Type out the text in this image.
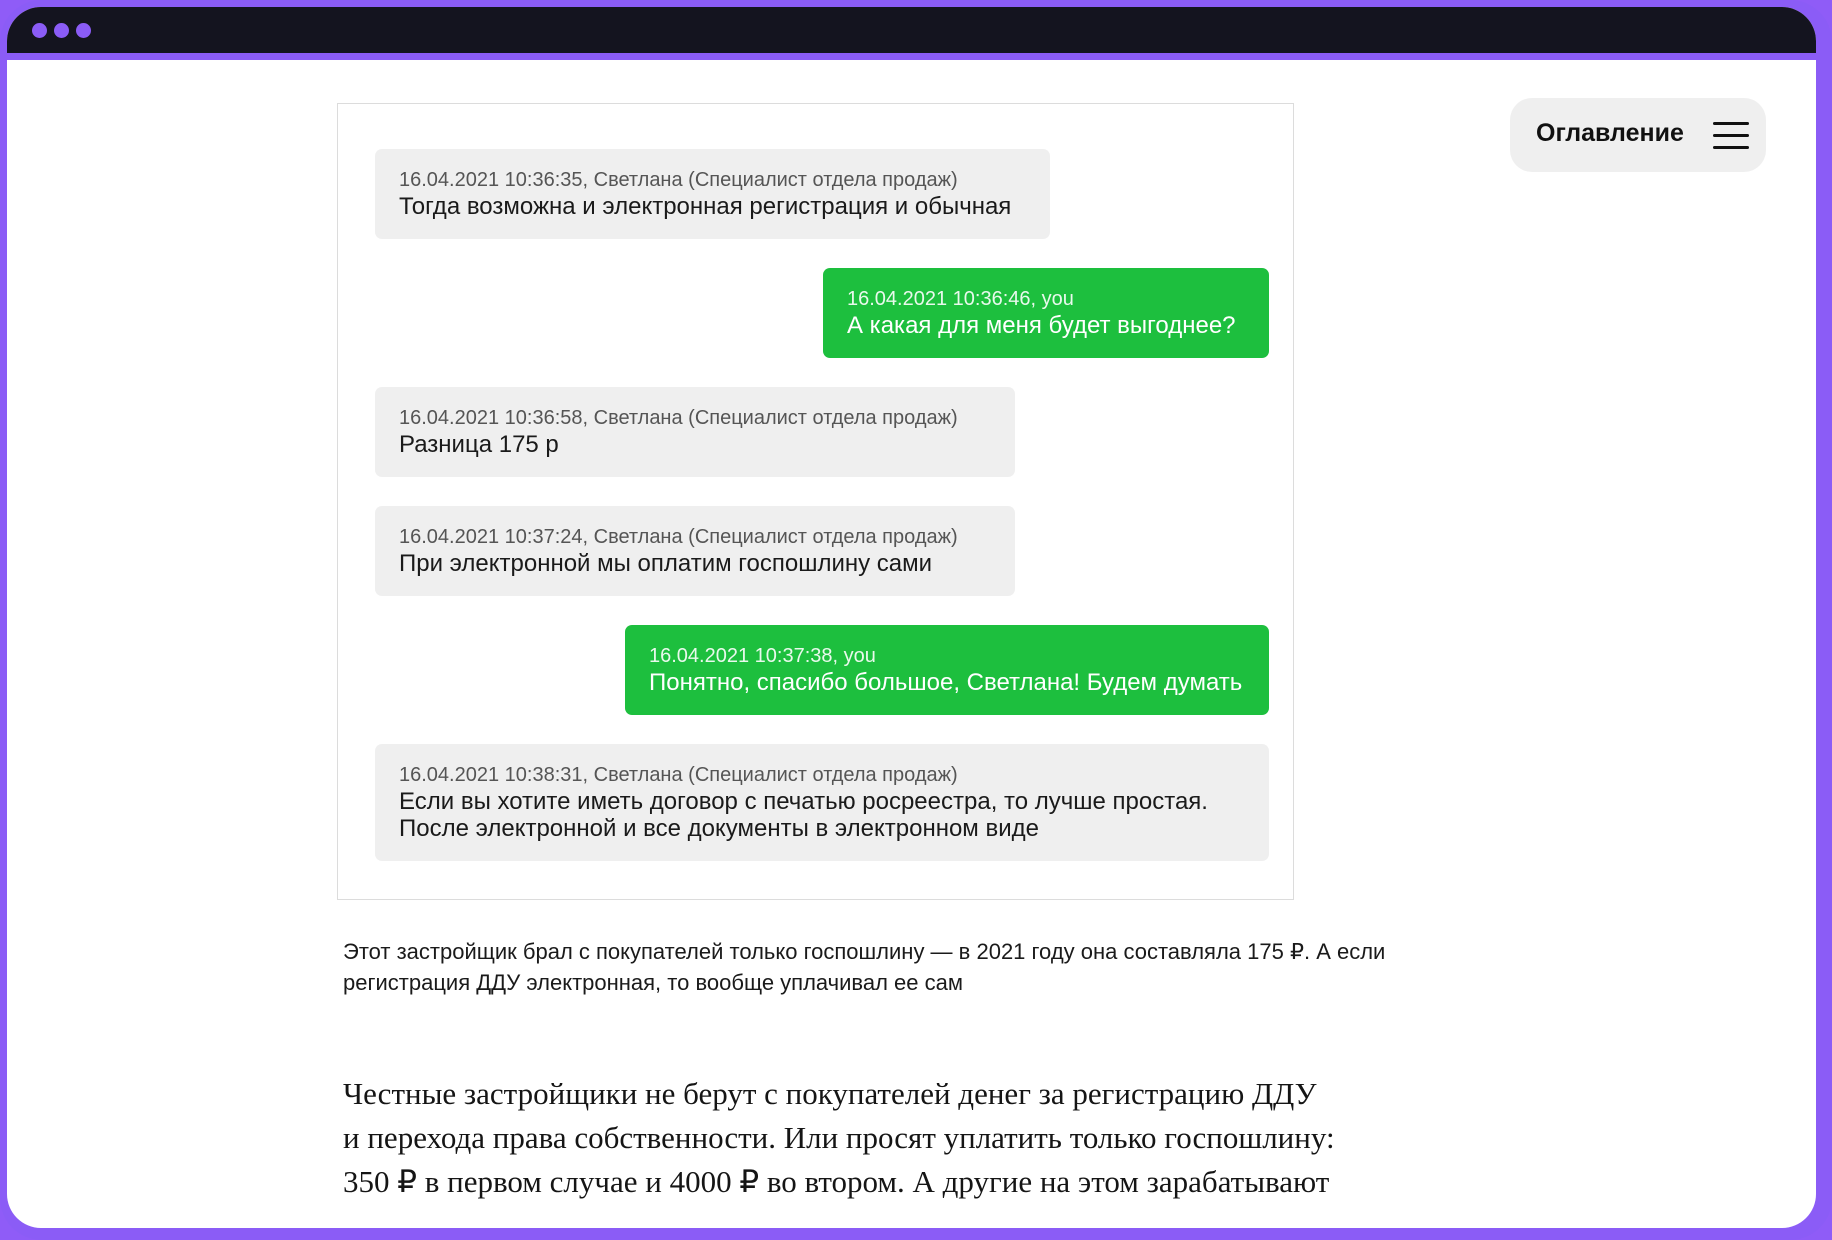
Оглавление
16.04.2021 10:36:35, Светлана (Специалист отдела продаж)
Тогда возможна и электронная регистрация и обычная
16.04.2021 10:36:46, you
А какая для меня будет выгоднее?
16.04.2021 10:36:58, Светлана (Специалист отдела продаж)
Разница 175 р
16.04.2021 10:37:24, Светлана (Специалист отдела продаж)
При электронной мы оплатим госпошлину сами
16.04.2021 10:37:38, you
Понятно, спасибо большое, Светлана! Будем думать
16.04.2021 10:38:31, Светлана (Специалист отдела продаж)
Если вы хотите иметь договор с печатью росреестра, то лучше простая.
После электронной и все документы в электронном виде
Этот застройщик брал с покупателей только госпошлину — в 2021 году она составляла 175 ₽. А если регистрация ДДУ электронная, то вообще уплачивал ее сам
Честные застройщики не берут с покупателей денег за регистрацию ДДУ
и перехода права собственности. Или просят уплатить только госпошлину:
350 ₽ в первом случае и 4000 ₽ во втором. А другие на этом зарабатывают
